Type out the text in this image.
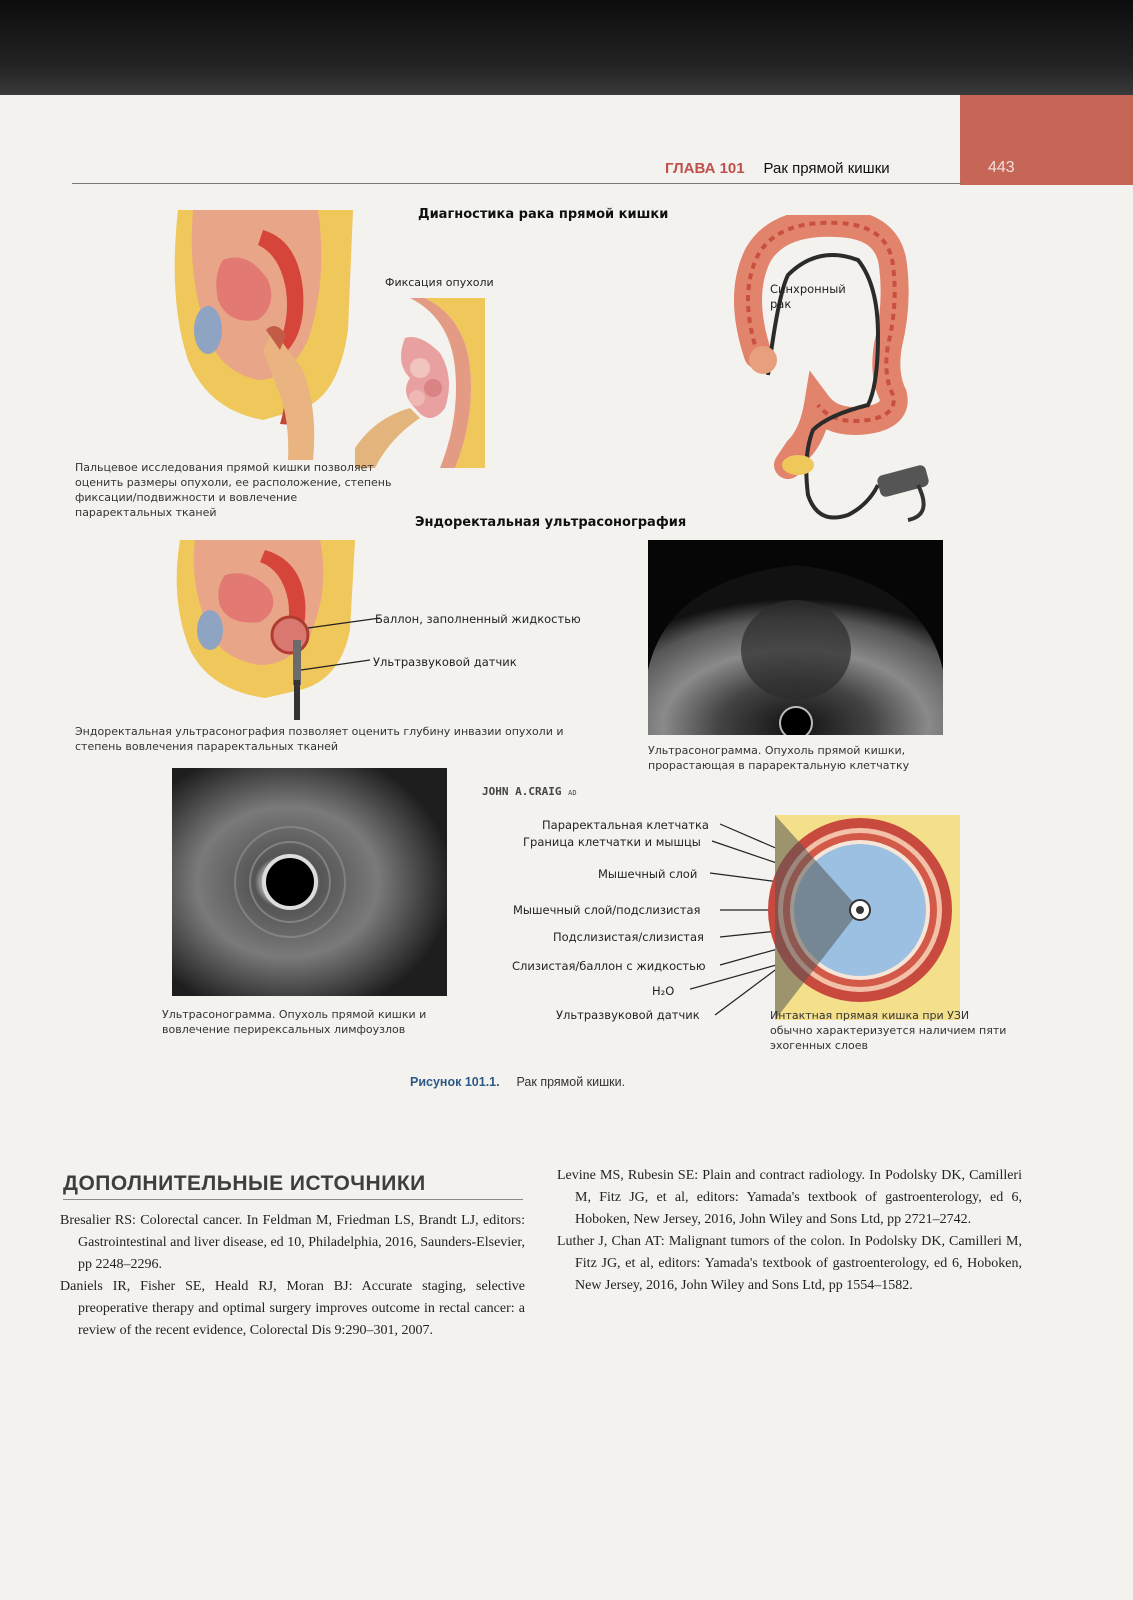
443
ГЛАВА 101 Рак прямой кишки
Диагностика рака прямой кишки
Фиксация опухоли
Пальцевое исследования прямой кишки позволяет оценить размеры опухоли, ее расположение, степень фиксации/подвижности и вовлечение параректальных тканей
Синхронный рак
Эндоректальная ультрасонография
Баллон, заполненный жидкостью
Ультразвуковой датчик
Эндоректальная ультрасонография позволяет оценить глубину инвазии опухоли и степень вовлечения параректальных тканей	Ультрасонограмма. Опухоль прямой кишки, прорастающая в параректальную клетчатку
Ультрасонограмма. Опухоль прямой кишки и вовлечение перирексальных лимфоузлов
JOHN A.CRAIG AD
Параректальная клетчатка
Граница клетчатки и мышцы
Мышечный слой
Мышечный слой/подслизистая
Подслизистая/слизистая
Слизистая/баллон с жидкостью
H₂O
Ультразвуковой датчик	Интактная прямая кишка при УЗИ обычно характеризуется наличием пяти эхогенных слоев
Рисунок 101.1. Рак прямой кишки.
ДОПОЛНИТЕЛЬНЫЕ ИСТОЧНИКИ
Bresalier RS: Colorectal cancer. In Feldman M, Friedman LS, Brandt LJ, editors: Gastrointestinal and liver disease, ed 10, Philadelphia, 2016, Saunders-Elsevier, pp 2248–2296.
Daniels IR, Fisher SE, Heald RJ, Moran BJ: Accurate staging, selective preoperative therapy and optimal surgery improves outcome in rectal cancer: a review of the recent evidence, Colorectal Dis 9:290–301, 2007.
Levine MS, Rubesin SE: Plain and contract radiology. In Podolsky DK, Camilleri M, Fitz JG, et al, editors: Yamada's textbook of gastroenterology, ed 6, Hoboken, New Jersey, 2016, John Wiley and Sons Ltd, pp 2721–2742.
Luther J, Chan AT: Malignant tumors of the colon. In Podolsky DK, Camilleri M, Fitz JG, et al, editors: Yamada's textbook of gastroenterology, ed 6, Hoboken, New Jersey, 2016, John Wiley and Sons Ltd, pp 1554–1582.
